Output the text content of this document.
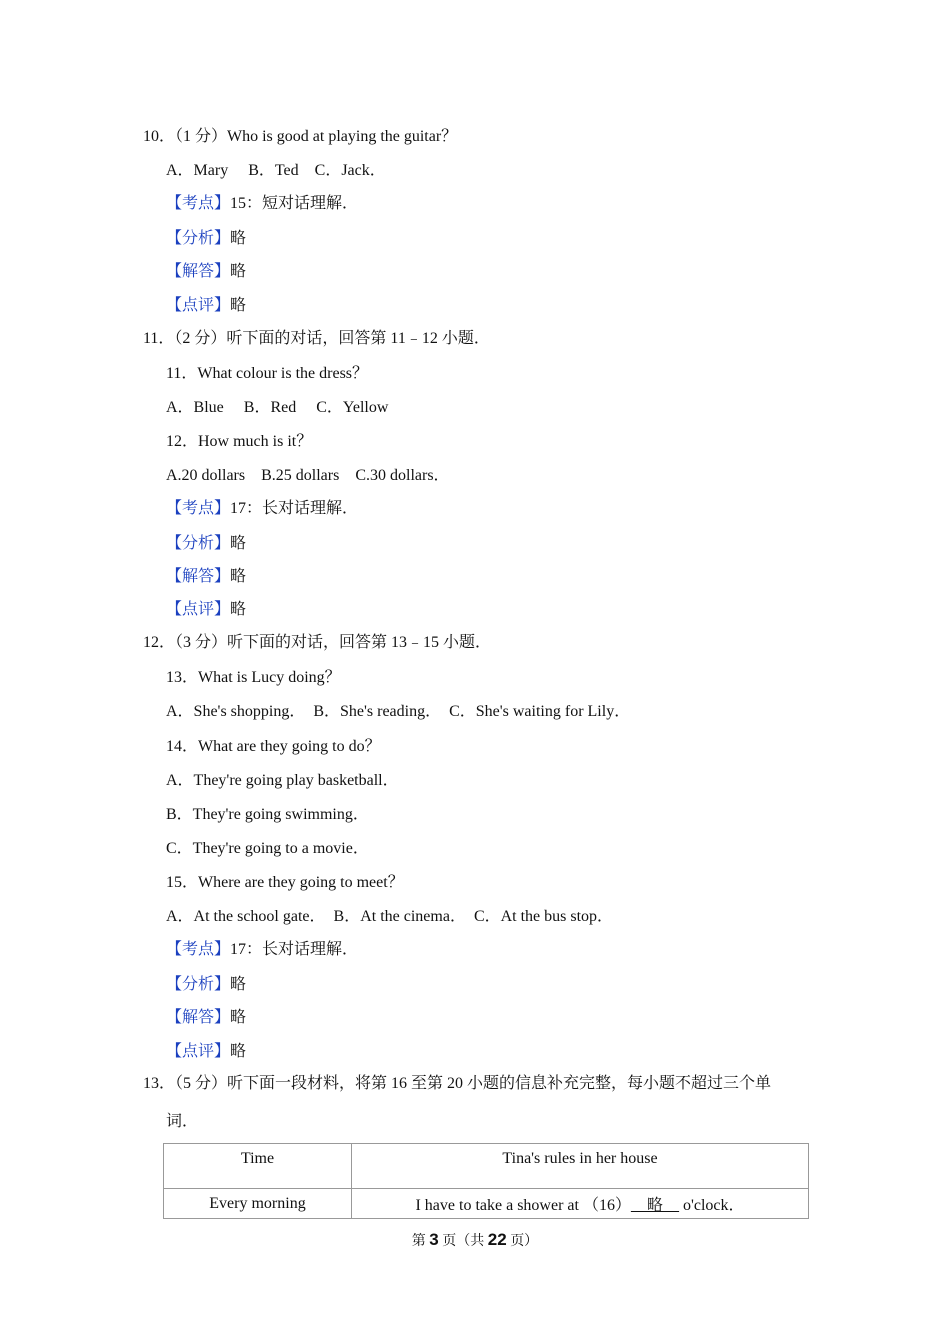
10．（1 分）Who is good at playing the guitar？
A．Mary　 B．Ted　C．Jack．
【考点】15：短对话理解．
【分析】略
【解答】略
【点评】略
11．（2 分）听下面的对话，回答第 11﹣12 小题．
11．What colour is the dress？
A．Blue　 B．Red　 C．Yellow
12．How much is it？
A.20 dollars　B.25 dollars　C.30 dollars．
【考点】17：长对话理解．
【分析】略
【解答】略
【点评】略
12．（3 分）听下面的对话，回答第 13﹣15 小题．
13．What is Lucy doing？
A．She's shopping．　B．She's reading．　C．She's waiting for Lily．
14．What are they going to do？
A．They're going play basketball．
B．They're going swimming．
C．They're going to a movie．
15．Where are they going to meet？
A．At the school gate．　B．At the cinema．　C．At the bus stop．
【考点】17：长对话理解．
【分析】略
【解答】略
【点评】略
13．（5 分）听下面一段材料，将第 16 至第 20 小题的信息补充完整，每小题不超过三个单
词．
Time	Tina's rules in her house
Every morning	I have to take a shower at （16）__略__ o'clock．
第 3 页（共 22 页）
